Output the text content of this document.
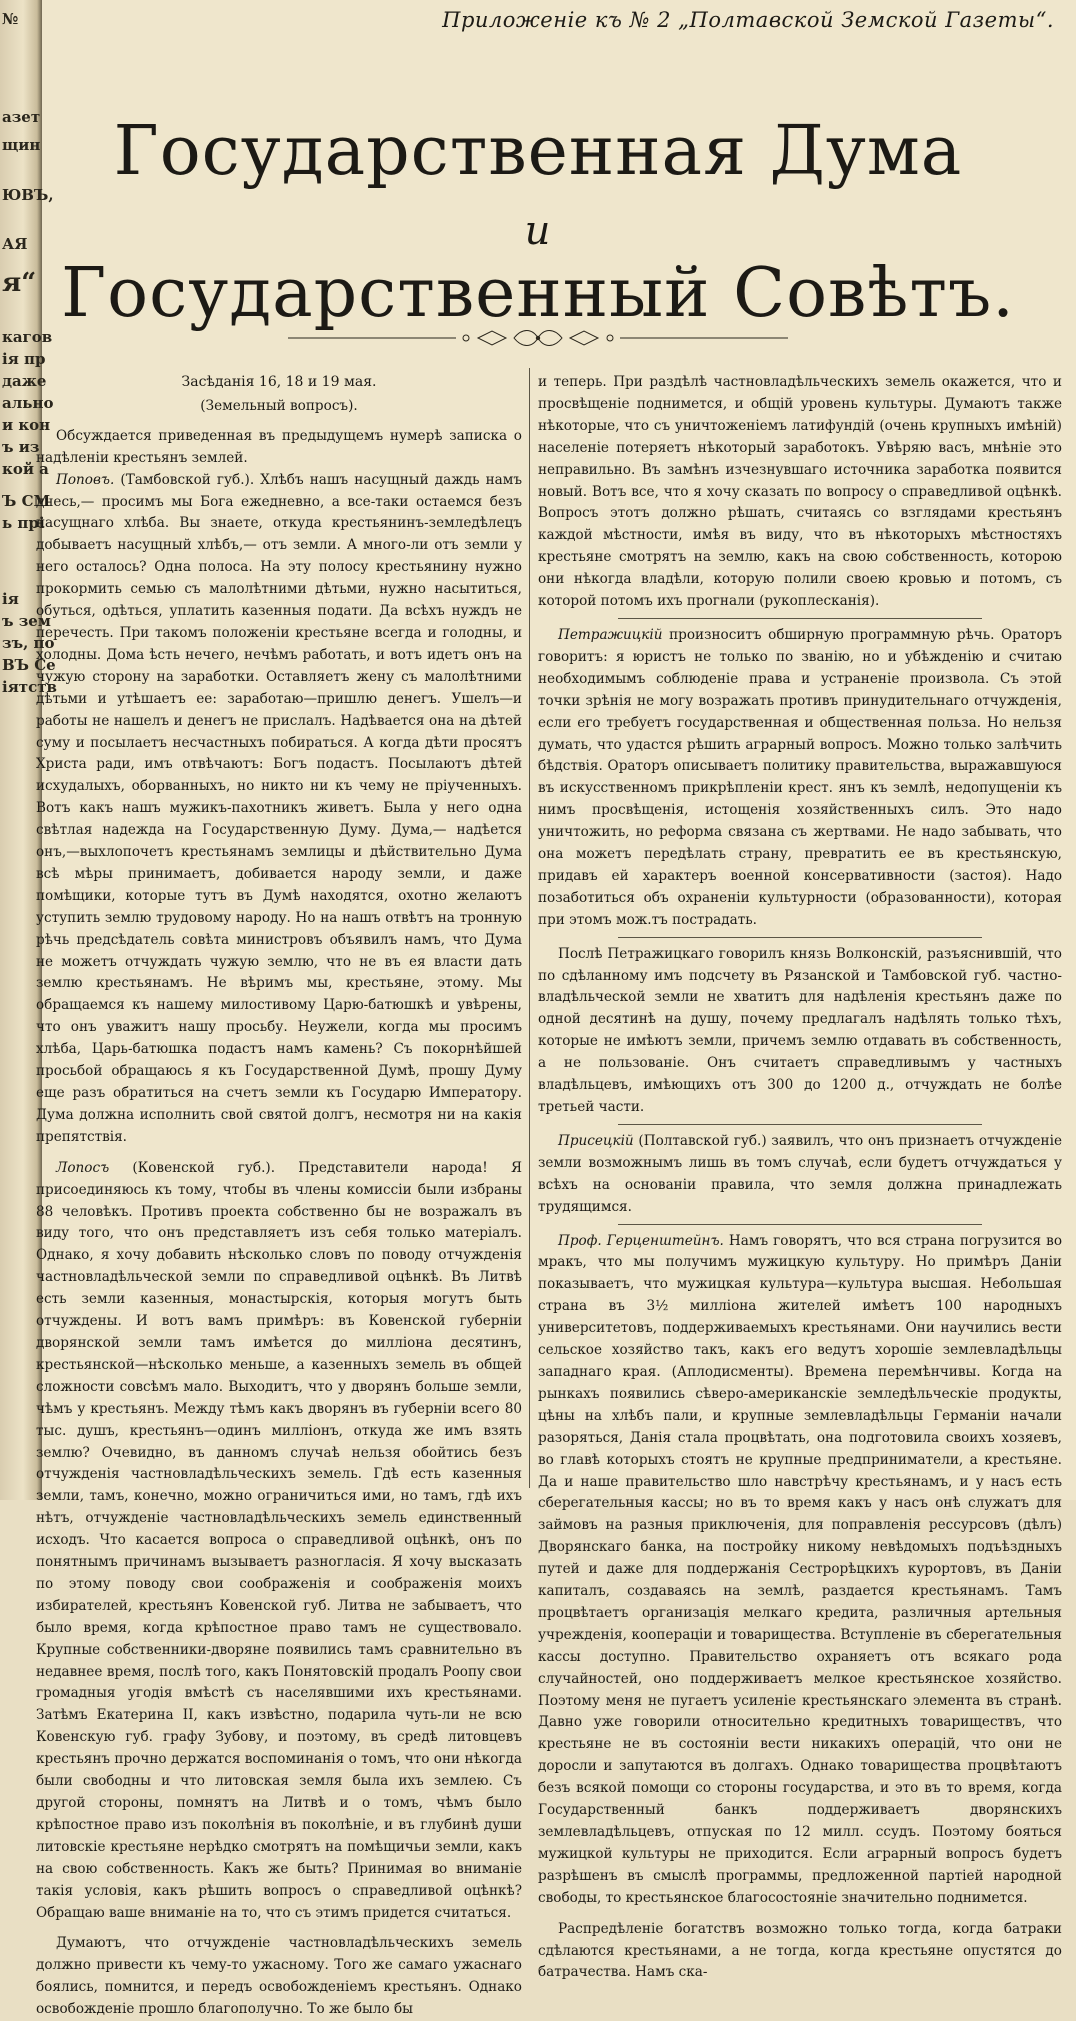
№
азет
щин
ЮВЪ,
АЯ
я“
кагов
ія пр
даже
ально
и кон
ъ из
кой а
Ъ СМ
ь прі
ія
ъ зем
зъ, по
ВЪ Се
іятств
Приложеніе къ № 2 „Полтавской Земской Газеты“.
Государственная Дума
и
Государственный Совѣтъ.
Засѣданія 16, 18 и 19 мая.
(Земельный вопросъ).

Обсуждается приведенная въ предыдущемъ нумерѣ записка о надѣленіи крестьянъ землей.

Поповъ. (Тамбовской губ.). Хлѣбъ нашъ насущный даждь намъ днесь,— просимъ мы Бога ежедневно, а все-таки остаемся безъ насущнаго хлѣба. Вы знаете, откуда крестьянинъ-земледѣлецъ добываетъ насущный хлѣбъ,— отъ земли. А много-ли отъ земли у него осталось? Одна полоса. На эту полосу крестьянину нужно прокормить семью съ малолѣтними дѣтьми, нужно насытиться, обуться, одѣться, уплатить казенныя подати. Да всѣхъ нуждъ не перечесть. При такомъ положеніи крестьяне всегда и голодны, и холодны. Дома ѣсть нечего, нечѣмъ работать, и вотъ идетъ онъ на чужую сторону на заработки. Оставляетъ жену съ малолѣтними дѣтьми и утѣшаетъ ее: заработаю—пришлю денегъ. Ушелъ—и работы не нашелъ и денегъ не прислалъ. Надѣвается она на дѣтей суму и посылаетъ несчастныхъ побираться. А когда дѣти просятъ Христа ради, имъ отвѣчаютъ: Богъ подастъ. Посылаютъ дѣтей исхудалыхъ, оборванныхъ, но никто ни къ чему не пріученныхъ. Вотъ какъ нашъ мужикъ-пахотникъ живетъ. Была у него одна свѣтлая надежда на Государственную Думу. Дума,— надѣется онъ,—выхлопочетъ крестьянамъ землицы и дѣйствительно Дума всѣ мѣры принимаетъ, добивается народу земли, и даже помѣщики, которые тутъ въ Думѣ находятся, охотно желаютъ уступить землю трудовому народу. Но на нашъ отвѣтъ на тронную рѣчь предсѣдатель совѣта министровъ объявилъ намъ, что Дума не можетъ отчуждать чужую землю, что не въ ея власти дать землю крестьянамъ. Не вѣримъ мы, крестьяне, этому. Мы обращаемся къ нашему милостивому Царю-батюшкѣ и увѣрены, что онъ уважитъ нашу просьбу. Неужели, когда мы просимъ хлѣба, Царь-батюшка подастъ намъ камень? Съ покорнѣйшей просьбой обращаюсь я къ Государственной Думѣ, прошу Думу еще разъ обратиться на счетъ земли къ Государю Императору. Дума должна исполнить свой святой долгъ, несмотря ни на какія препятствія.

Лопосъ (Ковенской губ.). Представители народа! Я присоединяюсь къ тому, чтобы въ члены комиссіи были избраны 88 человѣкъ. Противъ проекта собственно бы не возражалъ въ виду того, что онъ представляетъ изъ себя только матеріалъ. Однако, я хочу добавить нѣсколько словъ по поводу отчужденія частновладѣльческой земли по справедливой оцѣнкѣ. Въ Литвѣ есть земли казенныя, монастырскія, которыя могутъ быть отчуждены. И вотъ вамъ примѣръ: въ Ковенской губерніи дворянской земли тамъ имѣется до милліона десятинъ, крестьянской—нѣсколько меньше, а казенныхъ земель въ общей сложности совсѣмъ мало. Выходитъ, что у дворянъ больше земли, чѣмъ у крестьянъ. Между тѣмъ какъ дворянъ въ губерніи всего 80 тыс. душъ, крестьянъ—одинъ милліонъ, откуда же имъ взять землю? Очевидно, въ данномъ случаѣ нельзя обойтись безъ отчужденія частновладѣльческихъ земель. Гдѣ есть казенныя земли, тамъ, конечно, можно ограничиться ими, но тамъ, гдѣ ихъ нѣтъ, отчужденіе частновладѣльческихъ земель единственный исходъ. Что касается вопроса о справедливой оцѣнкѣ, онъ по понятнымъ причинамъ вызываетъ разногласія. Я хочу высказать по этому поводу свои соображенія и соображенія моихъ избирателей, крестьянъ Ковенской губ. Литва не забываетъ, что было время, когда крѣпостное право тамъ не существовало. Крупные собственники-дворяне появились тамъ сравнительно въ недавнее время, послѣ того, какъ Понятовскій продалъ Роопу свои громадныя угодія вмѣстѣ съ населявшими ихъ крестьянами. Затѣмъ Екатерина II, какъ извѣстно, подарила чуть-ли не всю Ковенскую губ. графу Зубову, и поэтому, въ средѣ литовцевъ крестьянъ прочно держатся воспоминанія о томъ, что они нѣкогда были свободны и что литовская земля была ихъ землею. Съ другой стороны, помнятъ на Литвѣ и о томъ, чѣмъ было крѣпостное право изъ поколѣнія въ поколѣніе, и въ глубинѣ души литовскіе крестьяне нерѣдко смотрятъ на помѣщичьи земли, какъ на свою собственность. Какъ же быть? Принимая во вниманіе такія условія, какъ рѣшить вопросъ о справедливой оцѣнкѣ? Обращаю ваше вниманіе на то, что съ этимъ придется считаться.

Думаютъ, что отчужденіе частновладѣльческихъ земель должно привести къ чему-то ужасному. Того же самаго ужаснаго боялись, помнится, и передъ освобожденіемъ крестьянъ. Однако освобожденіе прошло благополучно. То же было бы

и теперь. При раздѣлѣ частновладѣльческихъ земель окажется, что и просвѣщеніе поднимется, и общій уровень культуры. Думаютъ также нѣкоторые, что съ уничтоженіемъ латифундій (очень крупныхъ имѣній) населеніе потеряетъ нѣкоторый заработокъ. Увѣряю васъ, мнѣніе это неправильно. Въ замѣнъ изчезнувшаго источника заработка появится новый. Вотъ все, что я хочу сказать по вопросу о справедливой оцѣнкѣ. Вопросъ этотъ должно рѣшать, считаясь со взглядами крестьянъ каждой мѣстности, имѣя въ виду, что въ нѣкоторыхъ мѣстностяхъ крестьяне смотрятъ на землю, какъ на свою собственность, которою они нѣкогда владѣли, которую полили своею кровью и потомъ, съ которой потомъ ихъ прогнали (рукоплесканія).

Петражицкій произноситъ обширную программную рѣчь. Ораторъ говоритъ: я юристъ не только по званію, но и убѣжденію и считаю необходимымъ соблюденіе права и устраненіе произвола. Съ этой точки зрѣнія не могу возражать противъ принудительнаго отчужденія, если его требуетъ государственная и общественная польза. Но нельзя думать, что удастся рѣшить аграрный вопросъ. Можно только залѣчить бѣдствія. Ораторъ описываетъ политику правительства, выражавшуюся въ искусственномъ прикрѣпленіи крест. янъ къ землѣ, недопущеніи къ нимъ просвѣщенія, истощенія хозяйственныхъ силъ. Это надо уничтожить, но реформа связана съ жертвами. Не надо забывать, что она можетъ передѣлать страну, превратить ее въ крестьянскую, придавъ ей характеръ военной консервативности (застоя). Надо позаботиться объ охраненіи культурности (образованности), которая при этомъ мож.тъ пострадать.

Послѣ Петражицкаго говорилъ князь Волконскій, разъяснившій, что по сдѣланному имъ подсчету въ Рязанской и Тамбовской губ. частно-владѣльческой земли не хватитъ для надѣленія крестьянъ даже по одной десятинѣ на душу, почему предлагалъ надѣлять только тѣхъ, которые не имѣютъ земли, причемъ землю отдавать въ собственность, а не пользованіе. Онъ считаетъ справедливымъ у частныхъ владѣльцевъ, имѣющихъ отъ 300 до 1200 д., отчуждать не болѣе третьей части.

Присецкій (Полтавской губ.) заявилъ, что онъ признаетъ отчужденіе земли возможнымъ лишь въ томъ случаѣ, если будетъ отчуждаться у всѣхъ на основаніи правила, что земля должна принадлежать трудящимся.

Проф. Герценштейнъ. Намъ говорятъ, что вся страна погрузится во мракъ, что мы получимъ мужицкую культуру. Но примѣръ Даніи показываетъ, что мужицкая культура—культура высшая. Небольшая страна въ 3½ милліона жителей имѣетъ 100 народныхъ университетовъ, поддерживаемыхъ крестьянами. Они научились вести сельское хозяйство такъ, какъ его ведутъ хорошіе землевладѣльцы западнаго края. (Аплодисменты). Времена перемѣнчивы. Когда на рынкахъ появились сѣверо-американскіе земледѣльческіе продукты, цѣны на хлѣбъ пали, и крупные землевладѣльцы Германіи начали разоряться, Данія стала процвѣтать, она подготовила своихъ хозяевъ, во главѣ которыхъ стоятъ не крупные предприниматели, а крестьяне. Да и наше правительство шло навстрѣчу крестьянамъ, и у насъ есть сберегательныя кассы; но въ то время какъ у насъ онѣ служатъ для займовъ на разныя приключенія, для поправленія рессурсовъ (дѣлъ) Дворянскаго банка, на постройку никому невѣдомыхъ подъѣздныхъ путей и даже для поддержанія Сестрорѣцкихъ курортовъ, въ Даніи капиталъ, создаваясь на землѣ, раздается крестьянамъ. Тамъ процвѣтаетъ организація мелкаго кредита, различныя артельныя учрежденія, коопераціи и товарищества. Вступленіе въ сберегательныя кассы доступно. Правительство охраняетъ отъ всякаго рода случайностей, оно поддерживаетъ мелкое крестьянское хозяйство. Поэтому меня не пугаетъ усиленіе крестьянскаго элемента въ странѣ. Давно уже говорили относительно кредитныхъ товариществъ, что крестьяне не въ состояніи вести никакихъ операцій, что они не доросли и запутаются въ долгахъ. Однако товарищества процвѣтаютъ безъ всякой помощи со стороны государства, и это въ то время, когда Государственный банкъ поддерживаетъ дворянскихъ землевладѣльцевъ, отпуская по 12 милл. ссудъ. Поэтому бояться мужицкой культуры не приходится. Если аграрный вопросъ будетъ разрѣшенъ въ смыслѣ программы, предложенной партіей народной свободы, то крестьянское благосостояніе значительно поднимется.

Распредѣленіе богатствъ возможно только тогда, когда батраки сдѣлаются крестьянами, а не тогда, когда крестьяне опустятся до батрачества. Намъ ска-
